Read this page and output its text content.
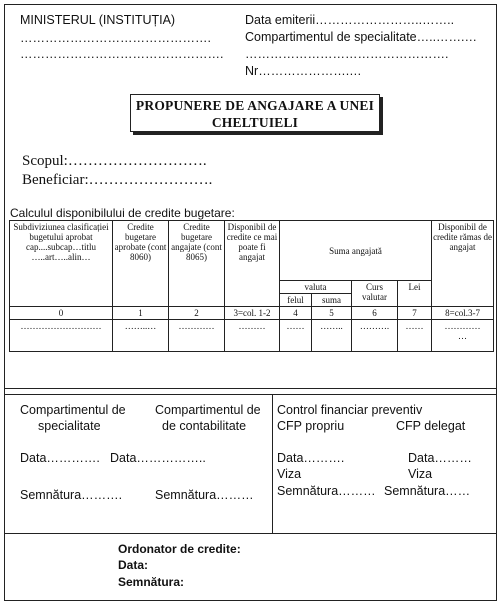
MINISTERUL (INSTITUȚIA)
……………………………………….
………………………………………….
Data emiterii……………………..……..
Compartimentul de specialitate…..…….…
………………………………………….
Nr………………….…
PROPUNERE DE ANGAJARE A UNEI
CHELTUIELI
Scopul:……………………….
Beneficiar:…………………….
Calculul disponibilului de credite bugetare:
Subdiviziunea clasificației bugetului aprobat cap....subcap…titlu …..art…..alin…	Credite bugetare aprobate (cont 8060)	Credite bugetare angajate (cont 8065)	Disponibil de credite ce mai poate fi angajat	Suma angajată				Disponibil de credite rămas de angajat
				valuta		Curs valutar	Lei	
				felul	suma			
0	1	2	3=col. 1-2	4	5	6	7	8=col.3-7
………………………	……..…	…………	………	……	……..	……….	……	…………
…
Compartimentul de
specialitate
Compartimentul de
de contabilitate
Data…………. Data……………..
Semnătura……….	Semnătura………
Control financiar preventiv
CFP propriu	CFP delegat
Data……….	Data………
Viza	Viza
Semnătura……… Semnătura……
Ordonator de credite:
Data:
Semnătura:
